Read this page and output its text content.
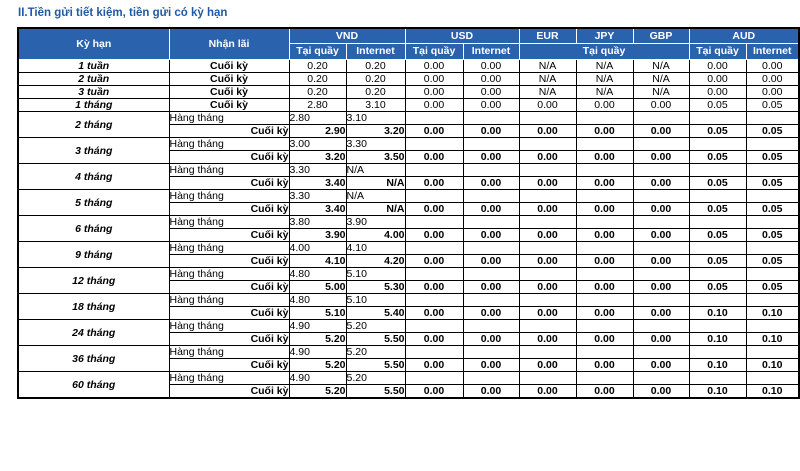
II.Tiền gửi tiết kiệm, tiền gửi có kỳ hạn
Kỳ hạn	Nhận lãi	VND		USD		EUR	JPY	GBP	AUD	
		Tại quầy	Internet	Tại quầy	Internet	Tại quầy			Tại quầy	Internet
1 tuần	Cuối kỳ	0.20	0.20	0.00	0.00	N/A	N/A	N/A	0.00	0.00
2 tuần	Cuối kỳ	0.20	0.20	0.00	0.00	N/A	N/A	N/A	0.00	0.00
3 tuần	Cuối kỳ	0.20	0.20	0.00	0.00	N/A	N/A	N/A	0.00	0.00
1 tháng	Cuối kỳ	2.80	3.10	0.00	0.00	0.00	0.00	0.00	0.05	0.05
2 tháng	Hàng tháng	2.80	3.10							
	Cuối kỳ	2.90	3.20	0.00	0.00	0.00	0.00	0.00	0.05	0.05
3 tháng	Hàng tháng	3.00	3.30							
	Cuối kỳ	3.20	3.50	0.00	0.00	0.00	0.00	0.00	0.05	0.05
4 tháng	Hàng tháng	3.30	N/A							
	Cuối kỳ	3.40	N/A	0.00	0.00	0.00	0.00	0.00	0.05	0.05
5 tháng	Hàng tháng	3.30	N/A							
	Cuối kỳ	3.40	N/A	0.00	0.00	0.00	0.00	0.00	0.05	0.05
6 tháng	Hàng tháng	3.80	3.90							
	Cuối kỳ	3.90	4.00	0.00	0.00	0.00	0.00	0.00	0.05	0.05
9 tháng	Hàng tháng	4.00	4.10							
	Cuối kỳ	4.10	4.20	0.00	0.00	0.00	0.00	0.00	0.05	0.05
12 tháng	Hàng tháng	4.80	5.10							
	Cuối kỳ	5.00	5.30	0.00	0.00	0.00	0.00	0.00	0.05	0.05
18 tháng	Hàng tháng	4.80	5.10							
	Cuối kỳ	5.10	5.40	0.00	0.00	0.00	0.00	0.00	0.10	0.10
24 tháng	Hàng tháng	4.90	5.20							
	Cuối kỳ	5.20	5.50	0.00	0.00	0.00	0.00	0.00	0.10	0.10
36 tháng	Hàng tháng	4.90	5.20							
	Cuối kỳ	5.20	5.50	0.00	0.00	0.00	0.00	0.00	0.10	0.10
60 tháng	Hàng tháng	4.90	5.20							
	Cuối kỳ	5.20	5.50	0.00	0.00	0.00	0.00	0.00	0.10	0.10
